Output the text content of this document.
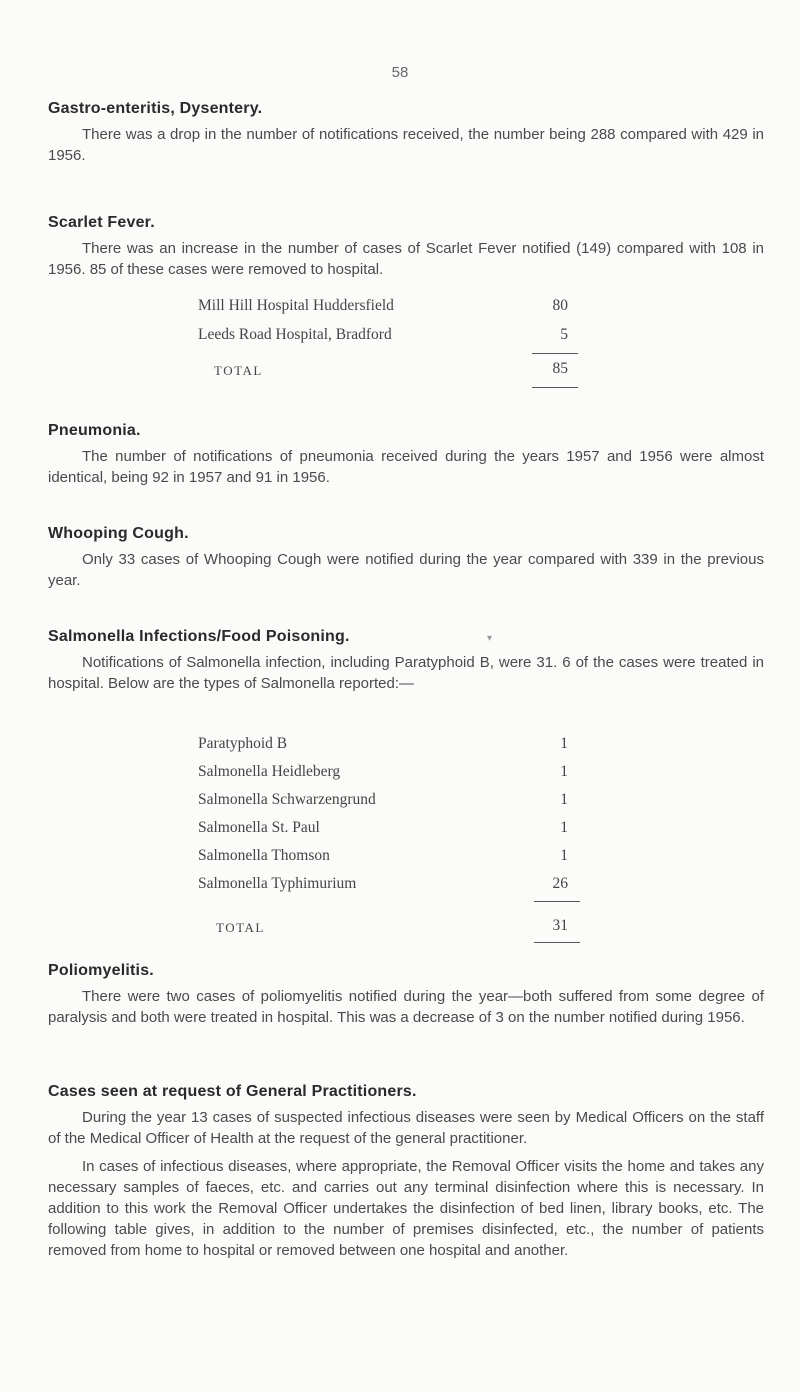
58
Gastro-enteritis, Dysentery.

There was a drop in the number of notifications received, the number being 288 compared with 429 in 1956.

Scarlet Fever.

There was an increase in the number of cases of Scarlet Fever notified (149) compared with 108 in 1956. 85 of these cases were removed to hospital.

Mill Hill Hospital Huddersfield	80
Leeds Road Hospital, Bradford	5
TOTAL	85
Pneumonia.

The number of notifications of pneumonia received during the years 1957 and 1956 were almost identical, being 92 in 1957 and 91 in 1956.

Whooping Cough.

Only 33 cases of Whooping Cough were notified during the year compared with 339 in the previous year.

Salmonella Infections/Food Poisoning.

Notifications of Salmonella infection, including Paratyphoid B, were 31. 6 of the cases were treated in hospital. Below are the types of Salmonella reported:—

▾
Paratyphoid B	1
Salmonella Heidleberg	1
Salmonella Schwarzengrund	1
Salmonella St. Paul	1
Salmonella Thomson	1
Salmonella Typhimurium	26
TOTAL	31
Poliomyelitis.

There were two cases of poliomyelitis notified during the year—both suffered from some degree of paralysis and both were treated in hospital. This was a decrease of 3 on the number notified during 1956.

Cases seen at request of General Practitioners.

During the year 13 cases of suspected infectious diseases were seen by Medical Officers on the staff of the Medical Officer of Health at the request of the general practitioner.

In cases of infectious diseases, where appropriate, the Removal Officer visits the home and takes any necessary samples of faeces, etc. and carries out any terminal disinfection where this is necessary. In addition to this work the Removal Officer undertakes the disinfection of bed linen, library books, etc. The following table gives, in addition to the number of premises disinfected, etc., the number of patients removed from home to hospital or removed between one hospital and another.
